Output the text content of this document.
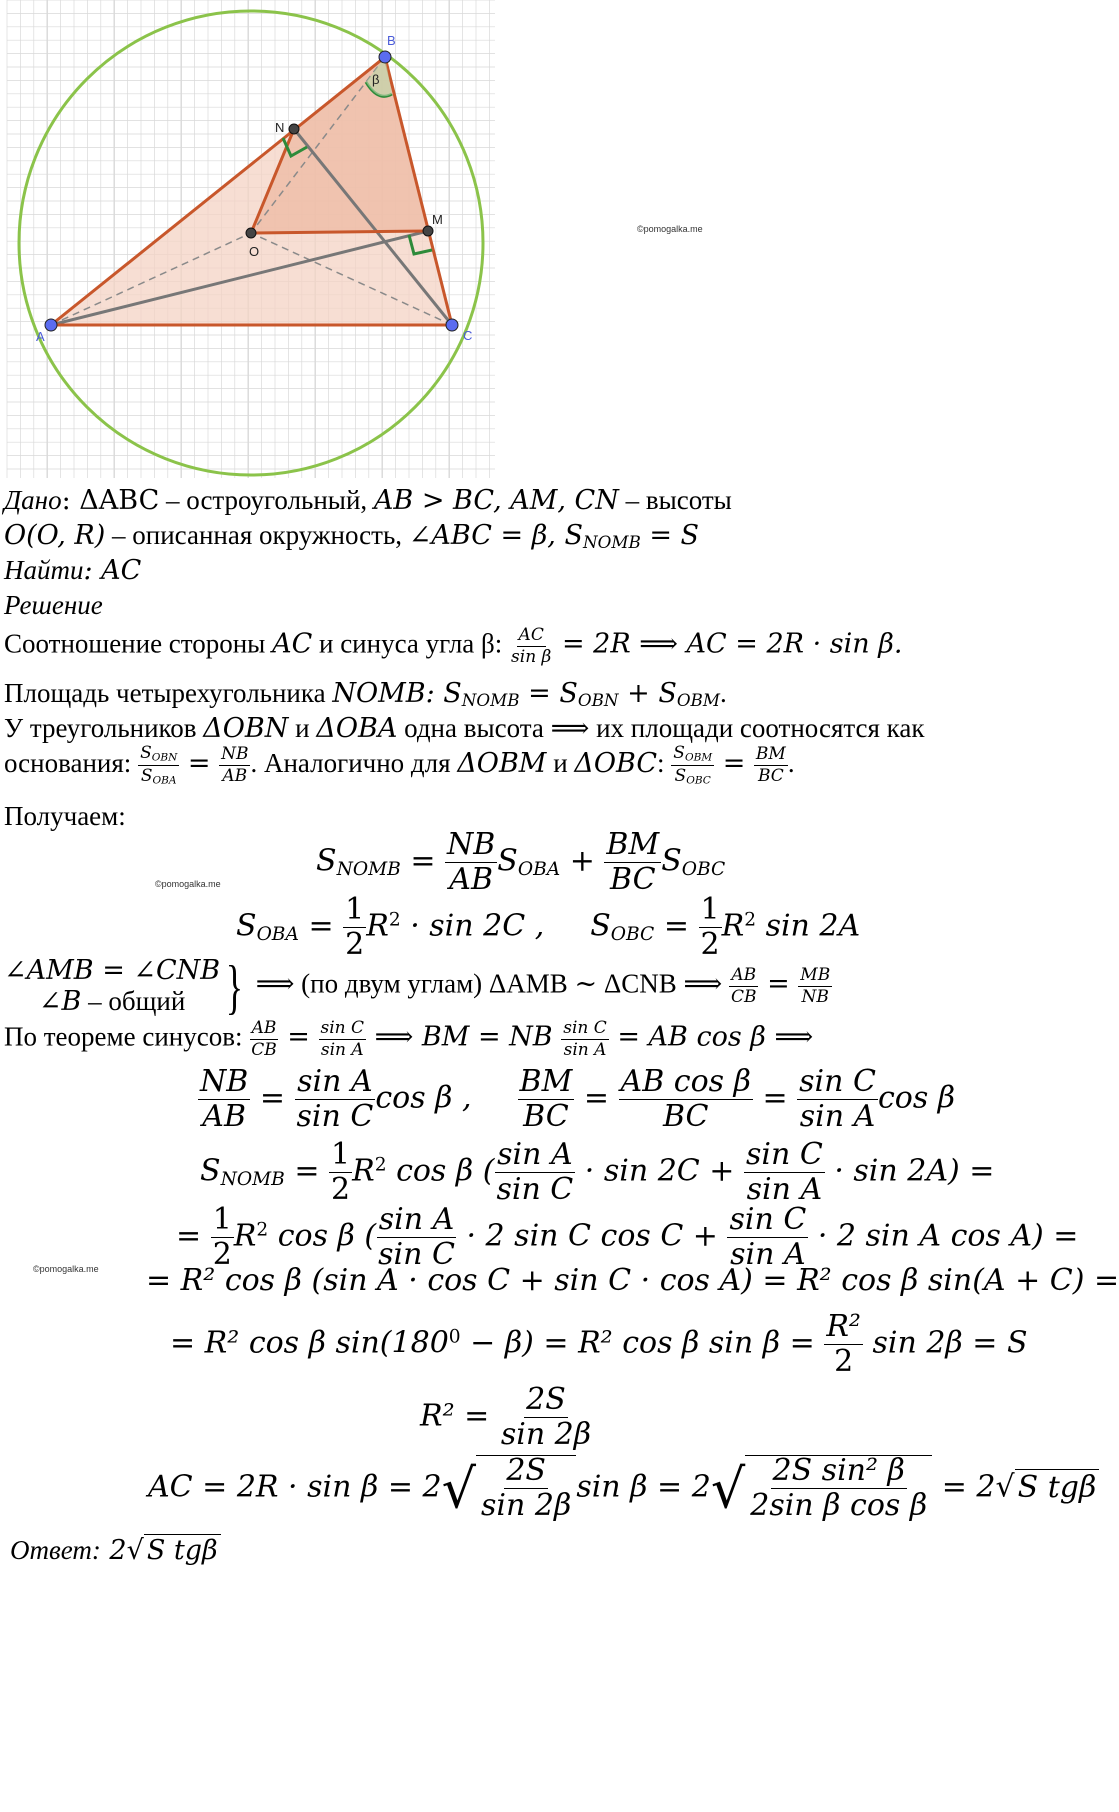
A
B
C
N
M
O
β
©pomogalka.me
Дано: ΔABC – остроугольный, AB > BC, AM, CN – высоты
O(O, R) – описанная окружность, ∠ABC = β, $S_{NOMB} = S$
Найти: AC
Решение
Соотношение стороны AC и синуса угла β: $\frac{AC}{\text{sin β}} = 2R$ ⟹ AC = 2R · sin β.
Площадь четырехугольника NOMB: $S_{NOMB} = S_{OBN} + S_{OBM}$.
У треугольников ΔOBN и ΔOBA одна высота ⟹ их площади соотносятся как
основания: $\frac{S_{OBN}}{S_{OBA}} = \frac{NB}{AB}$ . Аналогично для ΔOBM и ΔOBC: $\frac{S_{OBM}}{S_{OBC}} = \frac{BM}{BC}$ .
Получаем:
$S_{NOMB} = \frac{NB}{AB} S_{OBA} + \frac{BM}{BC} S_{OBC}$
©pomogalka.me
$S_{OBA} = \frac{1}{2} R^2 \cdot \sin 2C$ , $S_{OBC} = \frac{1}{2} R^2$ sin 2A
∠AMB = ∠CNB
∠B – общий } ⟹ (по двум углам) ΔAMB ∼ ΔCNB ⟹ $\frac{AB}{CB} = \frac{MB}{NB}$
По теореме синусов: $\frac{AB}{CB} = \frac{\text{sin C}}{\text{sin A}}$ ⟹ BM = NB $\frac{\text{sin C}}{\text{sin A}}$ = AB cos β ⟹
$\frac{NB}{AB} = \frac{\text{sin A}}{\text{sin C}}$ cos β , $\frac{BM}{BC} = \frac{\text{AB cos β}}{BC} = \frac{\text{sin C}}{\text{sin A}}$ cos β
$S_{NOMB} = \frac{1}{2} R^2$ cos β ( $\frac{\text{sin A}}{\text{sin C}} \cdot \sin 2C + \frac{\text{sin C}}{\text{sin A}} \cdot \sin 2A$) =
= $\frac{1}{2} R^2$ cos β ( $\frac{\text{sin A}}{\text{sin C}} \cdot 2$ sin C $\cos C + \frac{\text{sin C}}{\text{sin A}} \cdot 2$ sin A cos A) =
©pomogalka.me = R² cos β (sin A · cos C + sin C · cos A) = R² cos β sin(A + C) =
= R² cos β $\sin(180^0 - \beta) = R^2$ cos β $\sin \beta = \frac{\text{R²}}{2}$ sin 2β = S
$R^2 = \frac{2S}{\sin 2\beta}$
AC = $2R \cdot \sin \beta = 2√ \frac{2S}{\sin 2\beta}$ $\sin \beta = 2√ \frac{\text{2S sin² β}}{\text{2sin β cos β}} = 2√$ S tgβ
Ответ: 2√ S tgβ
